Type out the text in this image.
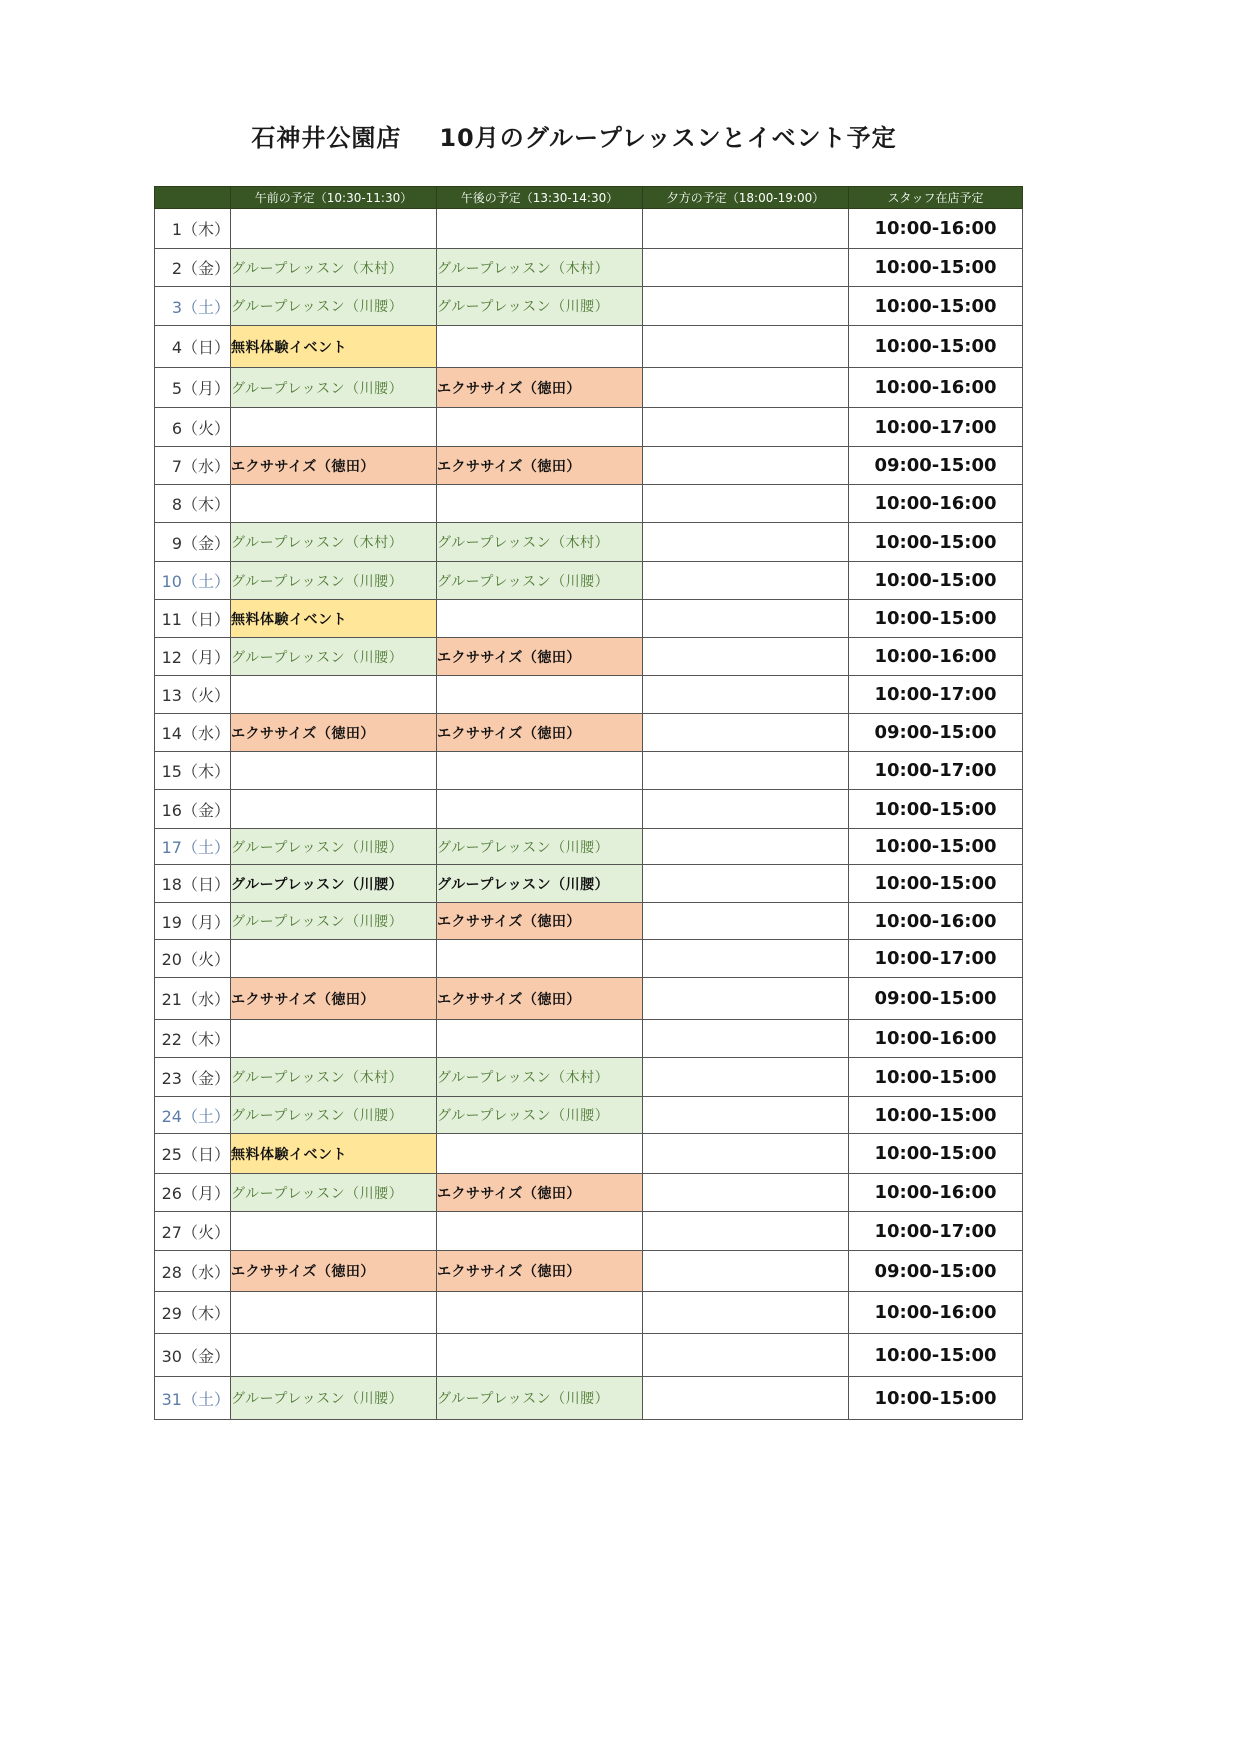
石神井公園店 10月のグループレッスンとイベント予定
	午前の予定（10:30-11:30）	午後の予定（13:30-14:30）	夕方の予定（18:00-19:00）	スタッフ在店予定
1（木）				10:00-16:00
2（金）	グループレッスン（木村）	グループレッスン（木村）		10:00-15:00
3（土）	グループレッスン（川腰）	グループレッスン（川腰）		10:00-15:00
4（日）	無料体験イベント			10:00-15:00
5（月）	グループレッスン（川腰）	エクササイズ（徳田）		10:00-16:00
6（火）				10:00-17:00
7（水）	エクササイズ（徳田）	エクササイズ（徳田）		09:00-15:00
8（木）				10:00-16:00
9（金）	グループレッスン（木村）	グループレッスン（木村）		10:00-15:00
10（土）	グループレッスン（川腰）	グループレッスン（川腰）		10:00-15:00
11（日）	無料体験イベント			10:00-15:00
12（月）	グループレッスン（川腰）	エクササイズ（徳田）		10:00-16:00
13（火）				10:00-17:00
14（水）	エクササイズ（徳田）	エクササイズ（徳田）		09:00-15:00
15（木）				10:00-17:00
16（金）				10:00-15:00
17（土）	グループレッスン（川腰）	グループレッスン（川腰）		10:00-15:00
18（日）	グループレッスン（川腰）	グループレッスン（川腰）		10:00-15:00
19（月）	グループレッスン（川腰）	エクササイズ（徳田）		10:00-16:00
20（火）				10:00-17:00
21（水）	エクササイズ（徳田）	エクササイズ（徳田）		09:00-15:00
22（木）				10:00-16:00
23（金）	グループレッスン（木村）	グループレッスン（木村）		10:00-15:00
24（土）	グループレッスン（川腰）	グループレッスン（川腰）		10:00-15:00
25（日）	無料体験イベント			10:00-15:00
26（月）	グループレッスン（川腰）	エクササイズ（徳田）		10:00-16:00
27（火）				10:00-17:00
28（水）	エクササイズ（徳田）	エクササイズ（徳田）		09:00-15:00
29（木）				10:00-16:00
30（金）				10:00-15:00
31（土）	グループレッスン（川腰）	グループレッスン（川腰）		10:00-15:00
